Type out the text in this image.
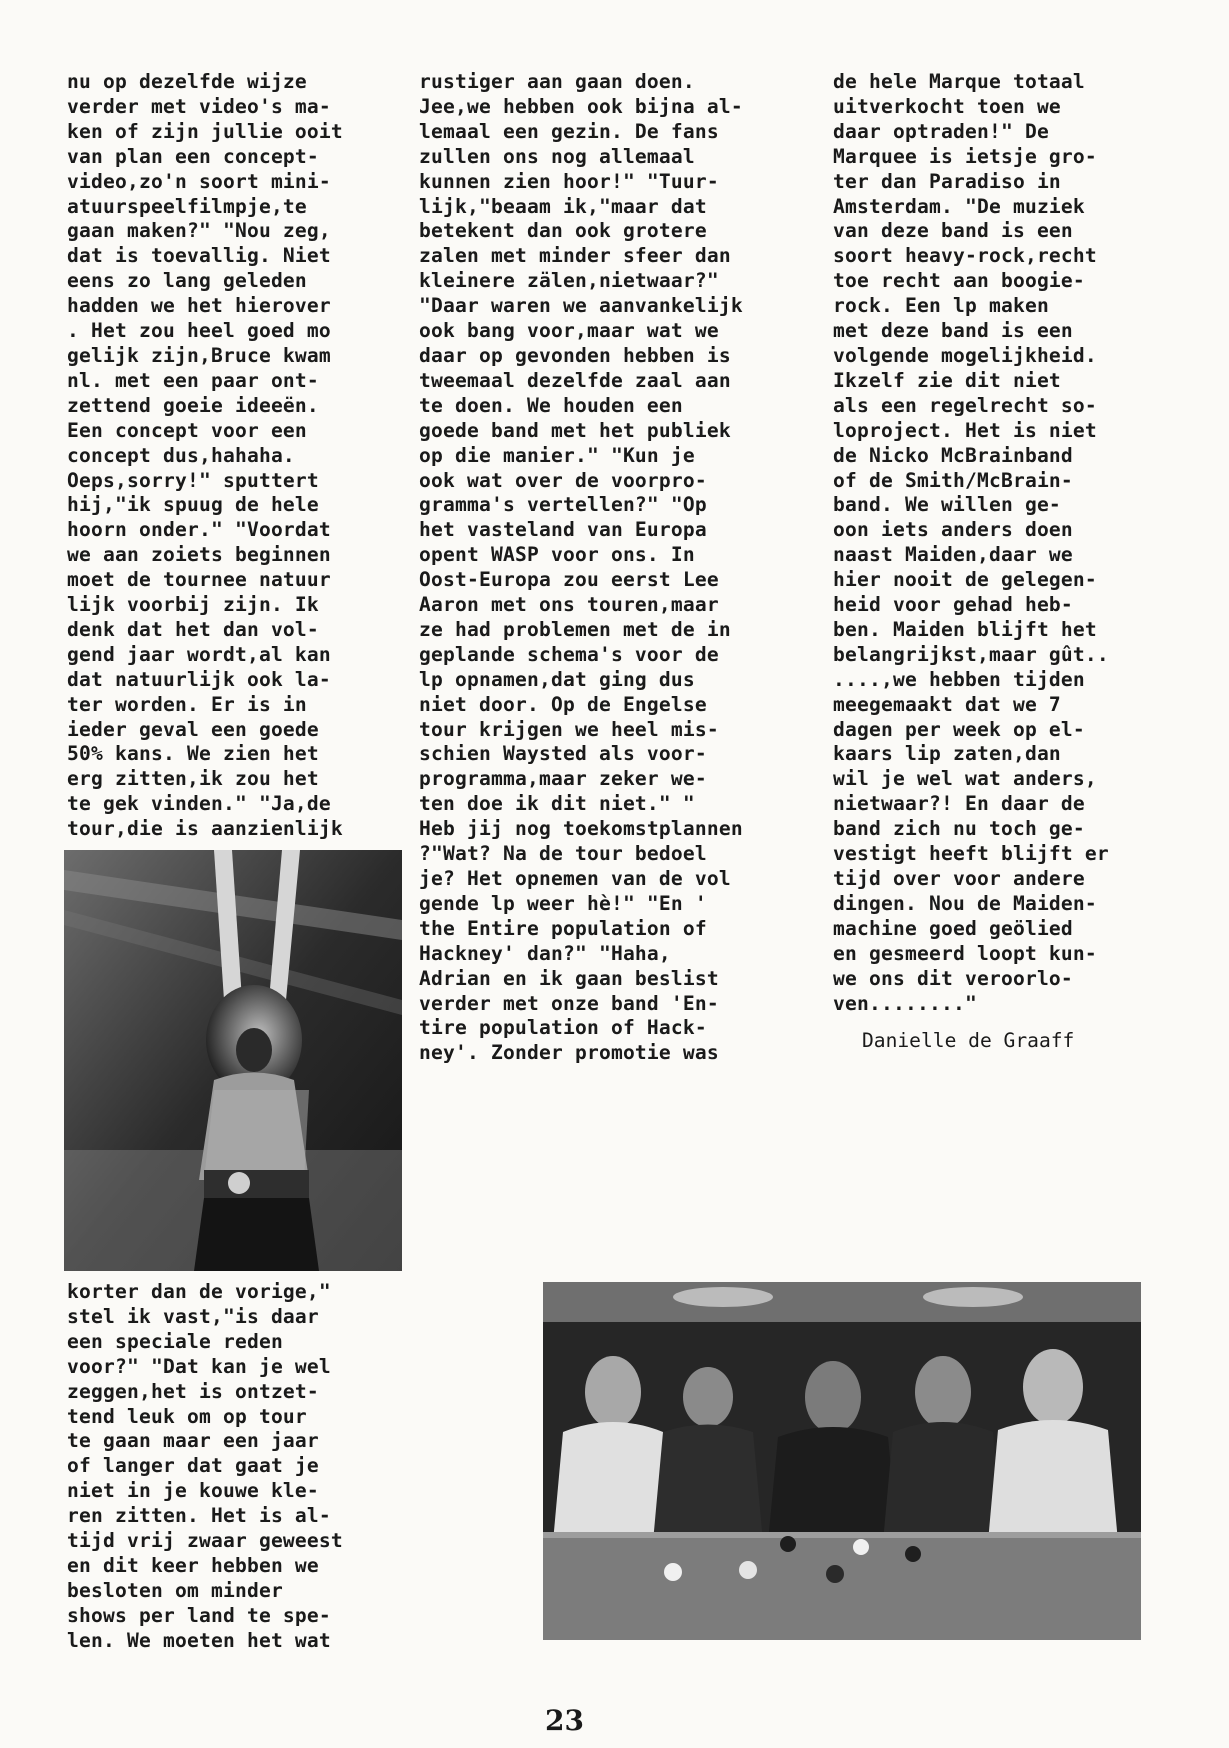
nu op dezelfde wijze
verder met video's ma-
ken of zijn jullie ooit
van plan een concept-
video,zo'n soort mini-
atuurspeelfilmpje,te
gaan maken?" "Nou zeg,
dat is toevallig. Niet
eens zo lang geleden
hadden we het hierover
. Het zou heel goed mo
gelijk zijn,Bruce kwam
nl. met een paar ont-
zettend goeie ideeën.
Een concept voor een
concept dus,hahaha.
Oeps,sorry!" sputtert
hij,"ik spuug de hele
hoorn onder." "Voordat
we aan zoiets beginnen
moet de tournee natuur
lijk voorbij zijn. Ik
denk dat het dan vol-
gend jaar wordt,al kan
dat natuurlijk ook la-
ter worden. Er is in
ieder geval een goede
50% kans. We zien het
erg zitten,ik zou het
te gek vinden." "Ja,de
tour,die is aanzienlijk
rustiger aan gaan doen.
Jee,we hebben ook bijna al-
lemaal een gezin. De fans
zullen ons nog allemaal
kunnen zien hoor!" "Tuur-
lijk,"beaam ik,"maar dat
betekent dan ook grotere
zalen met minder sfeer dan
kleinere zälen,nietwaar?"
"Daar waren we aanvankelijk
ook bang voor,maar wat we
daar op gevonden hebben is
tweemaal dezelfde zaal aan
te doen. We houden een
goede band met het publiek
op die manier." "Kun je
ook wat over de voorpro-
gramma's vertellen?" "Op
het vasteland van Europa
opent WASP voor ons. In
Oost-Europa zou eerst Lee
Aaron met ons touren,maar
ze had problemen met de in
geplande schema's voor de
lp opnamen,dat ging dus
niet door. Op de Engelse
tour krijgen we heel mis-
schien Waysted als voor-
programma,maar zeker we-
ten doe ik dit niet." "
Heb jij nog toekomstplannen
?"Wat? Na de tour bedoel
je? Het opnemen van de vol
gende lp weer hè!" "En '
the Entire population of
Hackney' dan?" "Haha,
Adrian en ik gaan beslist
verder met onze band 'En-
tire population of Hack-
ney'. Zonder promotie was
de hele Marque totaal
uitverkocht toen we
daar optraden!" De
Marquee is ietsje gro-
ter dan Paradiso in
Amsterdam. "De muziek
van deze band is een
soort heavy-rock,recht
toe recht aan boogie-
rock. Een lp maken
met deze band is een
volgende mogelijkheid.
Ikzelf zie dit niet
als een regelrecht so-
loproject. Het is niet
de Nicko McBrainband
of de Smith/McBrain-
band. We willen ge-
oon iets anders doen
naast Maiden,daar we
hier nooit de gelegen-
heid voor gehad heb-
ben. Maiden blijft het
belangrijkst,maar gût..
....,we hebben tijden
meegemaakt dat we 7
dagen per week op el-
kaars lip zaten,dan
wil je wel wat anders,
nietwaar?! En daar de
band zich nu toch ge-
vestigt heeft blijft er
tijd over voor andere
dingen. Nou de Maiden-
machine goed geölied
en gesmeerd loopt kun-
we ons dit veroorlo-
ven........"
korter dan de vorige,"
stel ik vast,"is daar
een speciale reden
voor?" "Dat kan je wel
zeggen,het is ontzet-
tend leuk om op tour
te gaan maar een jaar
of langer dat gaat je
niet in je kouwe kle-
ren zitten. Het is al-
tijd vrij zwaar geweest
en dit keer hebben we
besloten om minder
shows per land te spe-
len. We moeten het wat
Danielle de Graaff
23
